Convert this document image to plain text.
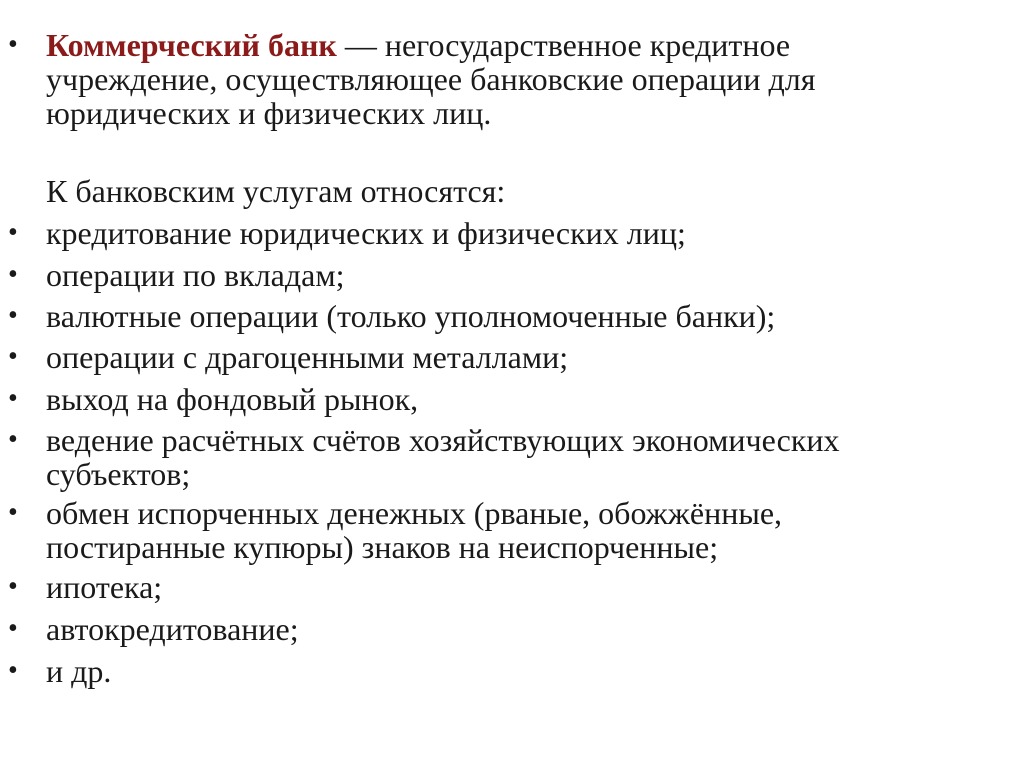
• Коммерческий банк — негосударственное кредитное
учреждение, осуществляющее банковские операции для
юридических и физических лиц.
К банковским услугам относятся:
• кредитование юридических и физических лиц;
• операции по вкладам;
• валютные операции (только уполномоченные банки);
• операции с драгоценными металлами;
• выход на фондовый рынок,
• ведение расчётных счётов хозяйствующих экономических
субъектов;
• обмен испорченных денежных (рваные, обожжённые,
постиранные купюры) знаков на неиспорченные;
• ипотека;
• автокредитование;
• и др.
